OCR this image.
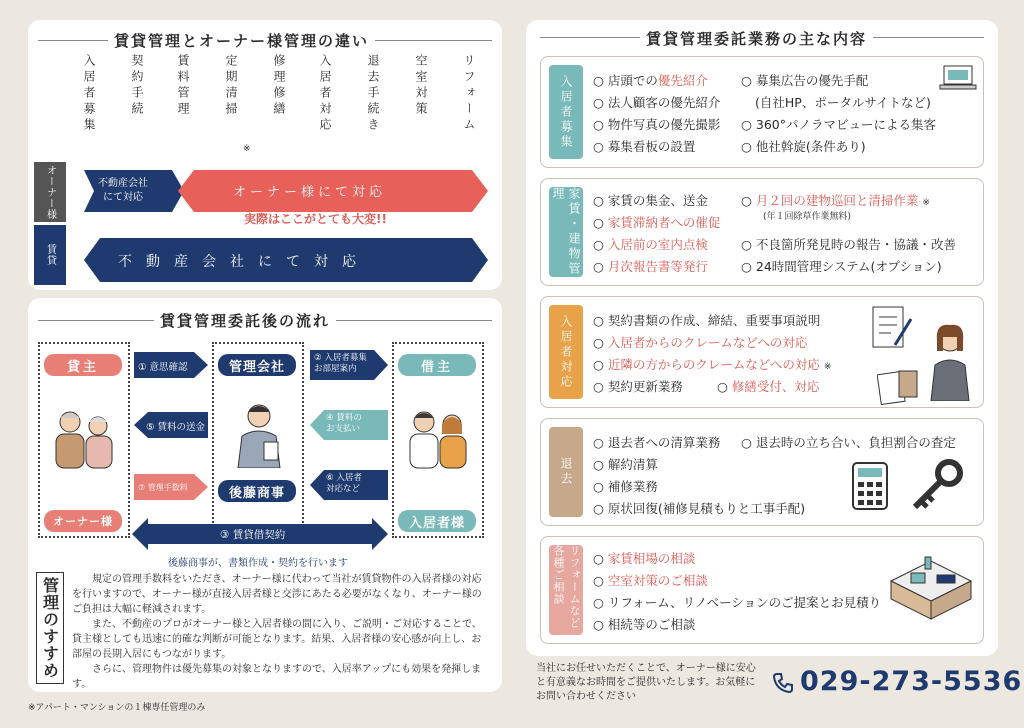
賃貸管理とオーナー様管理の違い
入居者募集	契約手続	賃料管理	定期清掃
※
修理修繕	入居者対応	退去手続き	空室対策	リフォーム
オーナー様
賃貸
不動産会社
にて対応	オーナー様にて対応
実際はここがとても大変!!
不動産会社にて対応
賃貸管理委託後の流れ
貸主	管理会社	借主
オーナー様
後藤商事
入居者様
① 意思確認
⑤ 賃料の送金
⑦ 管理手数料
② 入居者募集
お部屋案内
④ 賃料の
お支払い
⑥ 入居者
対応など
③ 賃貸借契約
後藤商事が、書類作成・契約を行います
管理のすすめ	規定の管理手数料をいただき、オーナー様に代わって当社が賃貸物件の入居者様の対応を行いますので、オーナー様が直接入居者様と交渉にあたる必要がなくなり、オーナー様のご負担は大幅に軽減されます。

また、不動産のプロがオーナー様と入居者様の間に入り、ご説明・ご対応することで、貸主様としても迅速に的確な判断が可能となります。結果、入居者様の安心感が向上し、お部屋の長期入居にもつながります。

さらに、管理物件は優先募集の対象となりますので、入居率アップにも効果を発揮します。

※アパート・マンションの１棟専任管理のみ
賃貸管理委託業務の主な内容
入居者募集	○ 店頭での優先紹介
○ 法人顧客の優先紹介
○ 物件写真の優先撮影
○ 募集看板の設置
○ 募集広告の優先手配
(自社HP、ポータルサイトなど)
○ 360°パノラマビューによる集客
○ 他社斡旋(条件あり)
家賃・建物管理	○ 家賃の集金、送金
○ 家賃滞納者への催促
○ 入居前の室内点検
○ 月次報告書等発行
○ 月２回の建物巡回と清掃作業 ※
(年１回除草作業無料)
○ 不良箇所発見時の報告・協議・改善
○ 24時間管理システム(オプション)
入居者対応	○ 契約書類の作成、締結、重要事項説明
○ 入居者からのクレームなどへの対応
○ 近隣の方からのクレームなどへの対応 ※
○ 契約更新業務	○ 修繕受付、対応
退去
○ 退去者への清算業務 ○ 退去時の立ち合い、負担割合の査定
○ 解約清算
○ 補修業務
○ 原状回復(補修見積もりと工事手配)
リフォームなど各種ご相談	○ 家賃相場の相談
○ 空室対策のご相談
○ リフォーム、リノベーションのご提案とお見積り
○ 相続等のご相談
当社にお任せいただくことで、オーナー様に安心と有意義なお時間をご提供いたします。お気軽にお問い合わせください	029-273-5536
